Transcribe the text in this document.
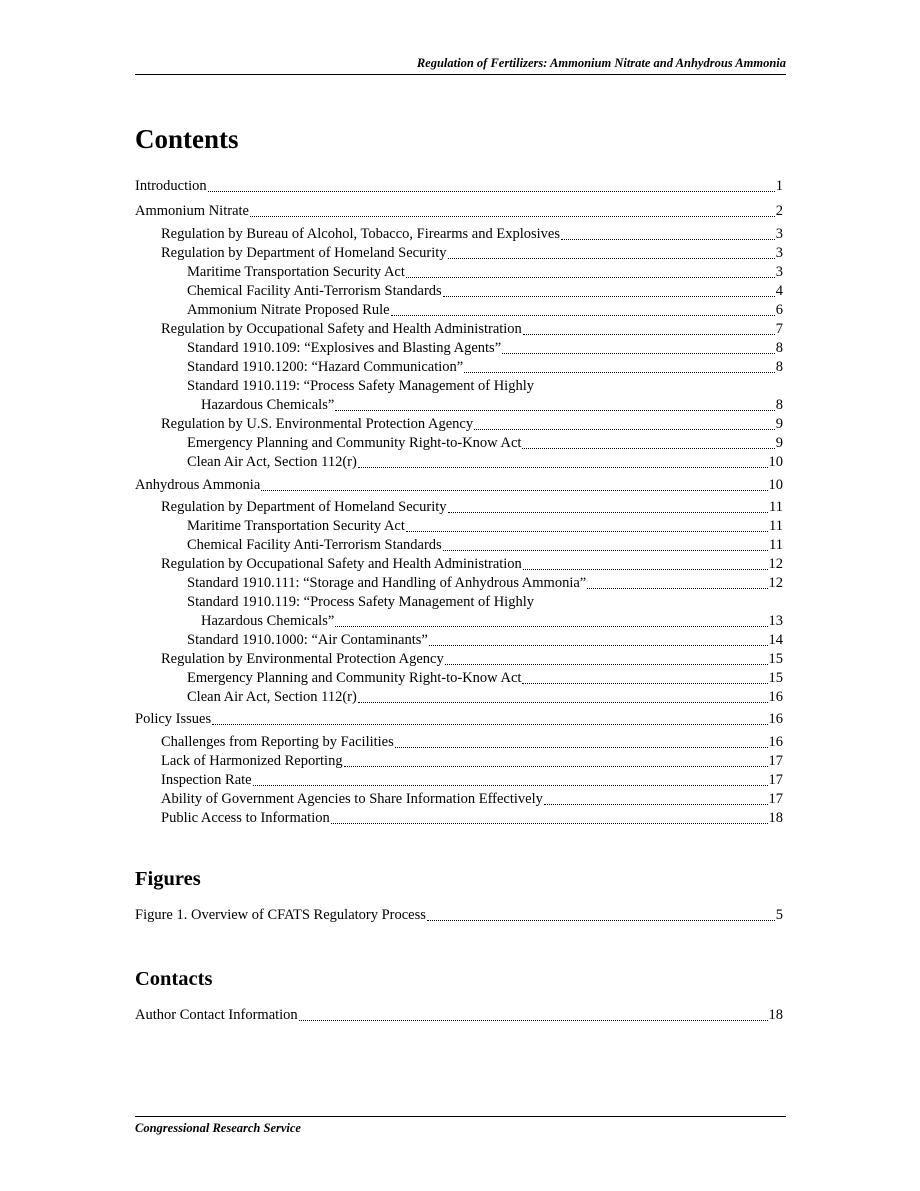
Regulation of Fertilizers: Ammonium Nitrate and Anhydrous Ammonia
Contents
Introduction	1
Ammonium Nitrate	2
Regulation by Bureau of Alcohol, Tobacco, Firearms and Explosives	3
Regulation by Department of Homeland Security	3
Maritime Transportation Security Act	3
Chemical Facility Anti-Terrorism Standards	4
Ammonium Nitrate Proposed Rule	6
Regulation by Occupational Safety and Health Administration	7
Standard 1910.109: “Explosives and Blasting Agents”	8
Standard 1910.1200: “Hazard Communication”	8
Standard 1910.119: “Process Safety Management of Highly
Hazardous Chemicals”	8
Regulation by U.S. Environmental Protection Agency	9
Emergency Planning and Community Right-to-Know Act	9
Clean Air Act, Section 112(r)	10
Anhydrous Ammonia	10
Regulation by Department of Homeland Security	11
Maritime Transportation Security Act	11
Chemical Facility Anti-Terrorism Standards	11
Regulation by Occupational Safety and Health Administration	12
Standard 1910.111: “Storage and Handling of Anhydrous Ammonia”	12
Standard 1910.119: “Process Safety Management of Highly
Hazardous Chemicals”	13
Standard 1910.1000: “Air Contaminants”	14
Regulation by Environmental Protection Agency	15
Emergency Planning and Community Right-to-Know Act	15
Clean Air Act, Section 112(r)	16
Policy Issues	16
Challenges from Reporting by Facilities	16
Lack of Harmonized Reporting	17
Inspection Rate	17
Ability of Government Agencies to Share Information Effectively	17
Public Access to Information	18
Figures
Figure 1. Overview of CFATS Regulatory Process	5
Contacts
Author Contact Information	18
Congressional Research Service
